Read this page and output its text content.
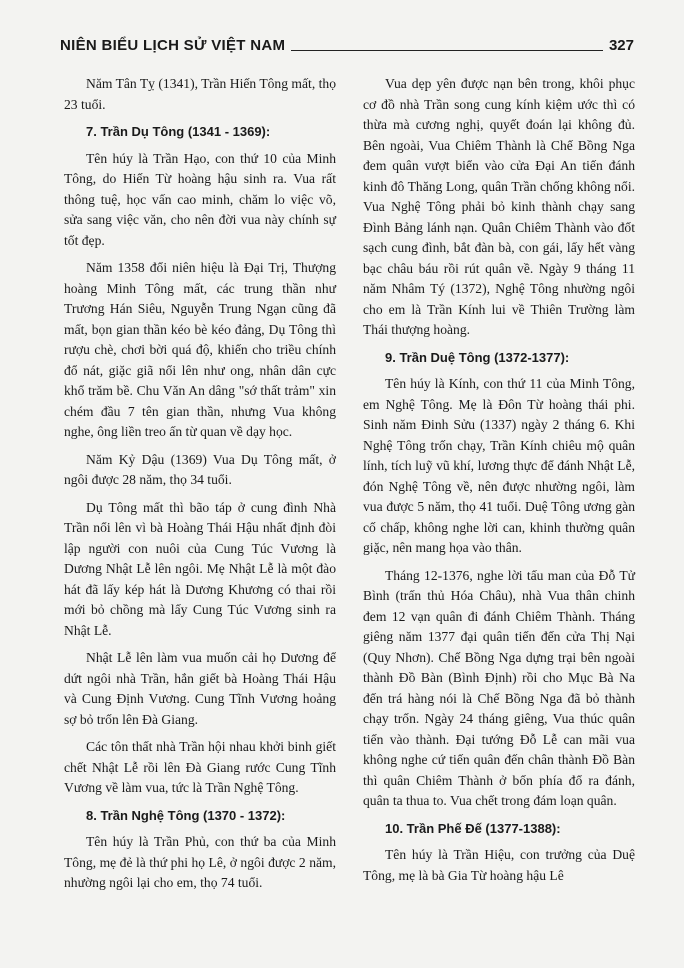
NIÊN BIỂU LỊCH SỬ VIỆT NAM	327

Năm Tân Tỵ (1341), Trần Hiến Tông mất, thọ 23 tuổi.

7. Trần Dụ Tông (1341 - 1369):

Tên húy là Trần Hạo, con thứ 10 của Minh Tông, do Hiến Từ hoàng hậu sinh ra. Vua rất thông tuệ, học vấn cao minh, chăm lo việc võ, sửa sang việc văn, cho nên đời vua này chính sự tốt đẹp.

Năm 1358 đổi niên hiệu là Đại Trị, Thượng hoàng Minh Tông mất, các trung thần như Trương Hán Siêu, Nguyễn Trung Ngạn cũng đã mất, bọn gian thần kéo bè kéo đảng, Dụ Tông thì rượu chè, chơi bời quá độ, khiến cho triều chính đổ nát, giặc giã nổi lên như ong, nhân dân cực khổ trăm bề. Chu Văn An dâng "sớ thất trảm" xin chém đầu 7 tên gian thần, nhưng Vua không nghe, ông liền treo ấn từ quan về dạy học.

Năm Kỷ Dậu (1369) Vua Dụ Tông mất, ở ngôi được 28 năm, thọ 34 tuổi.

Dụ Tông mất thì bão táp ở cung đình Nhà Trần nổi lên vì bà Hoàng Thái Hậu nhất định đòi lập người con nuôi của Cung Túc Vương là Dương Nhật Lễ lên ngôi. Mẹ Nhật Lễ là một đào hát đã lấy kép hát là Dương Khương có thai rồi mới bỏ chồng mà lấy Cung Túc Vương sinh ra Nhật Lễ.

Nhật Lễ lên làm vua muốn cải họ Dương để dứt ngôi nhà Trần, hắn giết bà Hoàng Thái Hậu và Cung Định Vương. Cung Tĩnh Vương hoảng sợ bỏ trốn lên Đà Giang.

Các tôn thất nhà Trần hội nhau khởi binh giết chết Nhật Lễ rồi lên Đà Giang rước Cung Tĩnh Vương về làm vua, tức là Trần Nghệ Tông.

8. Trần Nghệ Tông (1370 - 1372):

Tên húy là Trần Phủ, con thứ ba của Minh Tông, mẹ đẻ là thứ phi họ Lê, ở ngôi được 2 năm, nhường ngôi lại cho em, thọ 74 tuổi.

Vua dẹp yên được nạn bên trong, khôi phục cơ đồ nhà Trần song cung kính kiệm ước thì có thừa mà cương nghị, quyết đoán lại không đủ. Bên ngoài, Vua Chiêm Thành là Chế Bồng Nga đem quân vượt biển vào cửa Đại An tiến đánh kinh đô Thăng Long, quân Trần chống không nổi. Vua Nghệ Tông phải bỏ kinh thành chạy sang Đình Bảng lánh nạn. Quân Chiêm Thành vào đốt sạch cung đình, bắt đàn bà, con gái, lấy hết vàng bạc châu báu rồi rút quân về. Ngày 9 tháng 11 năm Nhâm Tý (1372), Nghệ Tông nhường ngôi cho em là Trần Kính lui về Thiên Trường làm Thái thượng hoàng.

9. Trần Duệ Tông (1372-1377):

Tên húy là Kính, con thứ 11 của Minh Tông, em Nghệ Tông. Mẹ là Đôn Từ hoàng thái phi. Sinh năm Đinh Sửu (1337) ngày 2 tháng 6. Khi Nghệ Tông trốn chạy, Trần Kính chiêu mộ quân lính, tích luỹ vũ khí, lương thực để đánh Nhật Lễ, đón Nghệ Tông về, nên được nhường ngôi, làm vua được 5 năm, thọ 41 tuổi. Duệ Tông ương gàn cố chấp, không nghe lời can, khinh thường quân giặc, nên mang họa vào thân.

Tháng 12-1376, nghe lời tấu man của Đỗ Tử Bình (trấn thủ Hóa Châu), nhà Vua thân chinh đem 12 vạn quân đi đánh Chiêm Thành. Tháng giêng năm 1377 đại quân tiến đến cửa Thị Nại (Quy Nhơn). Chế Bồng Nga dựng trại bên ngoài thành Đồ Bàn (Bình Định) rồi cho Mục Bà Na đến trá hàng nói là Chế Bồng Nga đã bỏ thành chạy trốn. Ngày 24 tháng giêng, Vua thúc quân tiến vào thành. Đại tướng Đỗ Lễ can mãi vua không nghe cứ tiến quân đến chân thành Đồ Bàn thì quân Chiêm Thành ở bốn phía đổ ra đánh, quân ta thua to. Vua chết trong đám loạn quân.

10. Trần Phế Đế (1377-1388):

Tên húy là Trần Hiệu, con trưởng của Duệ Tông, mẹ là bà Gia Từ hoàng hậu Lê
